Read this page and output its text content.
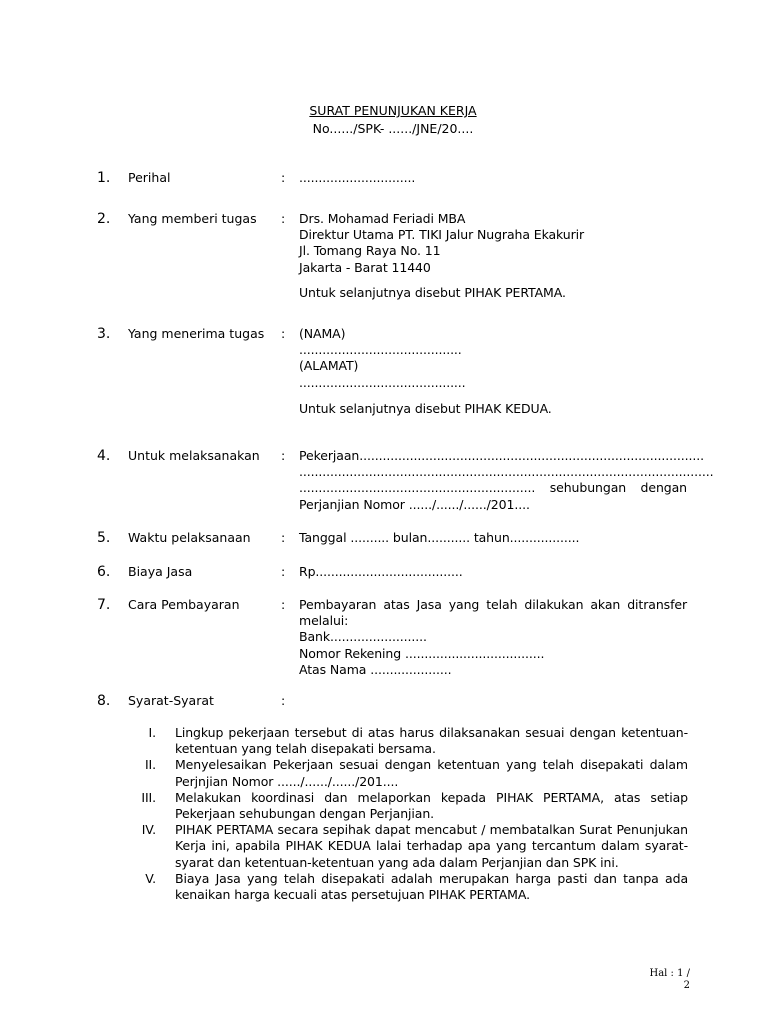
SURAT PENUNJUKAN KERJA
No....../SPK- ....../JNE/20....
1. Perihal	: ..............................
2. Yang memberi tugas : Drs. Mohamad Feriadi MBA
Direktur Utama PT. TIKI Jalur Nugraha Ekakurir
Jl. Tomang Raya No. 11
Jakarta - Barat 11440
Untuk selanjutnya disebut PIHAK PERTAMA.
3. Yang menerima tugas : (NAMA)
..........................................
(ALAMAT)
...........................................
Untuk selanjutnya disebut PIHAK KEDUA.
4. Untuk melaksanakan : Pekerjaan.........................................................................................
...........................................................................................................
............................................................. sehubungan dengan
Perjanjian Nomor ....../....../....../201....
5. Waktu pelaksanaan : Tanggal .......... bulan........... tahun..................
6. Biaya Jasa	: Rp......................................
7. Cara Pembayaran	: Pembayaran atas Jasa yang telah dilakukan akan ditransfer
melalui:
Bank.........................
Nomor Rekening ....................................
Atas Nama .....................
8. Syarat-Syarat	:
I. Lingkup pekerjaan tersebut di atas harus dilaksanakan sesuai dengan ketentuan-ketentuan yang telah disepakati bersama.
II. Menyelesaikan Pekerjaan sesuai dengan ketentuan yang telah disepakati dalam Perjnjian Nomor ....../....../....../201....
III. Melakukan koordinasi dan melaporkan kepada PIHAK PERTAMA, atas setiap Pekerjaan sehubungan dengan Perjanjian.
IV. PIHAK PERTAMA secara sepihak dapat mencabut / membatalkan Surat Penunjukan Kerja ini, apabila PIHAK KEDUA lalai terhadap apa yang tercantum dalam syarat-syarat dan ketentuan-ketentuan yang ada dalam Perjanjian dan SPK ini.
V. Biaya Jasa yang telah disepakati adalah merupakan harga pasti dan tanpa ada kenaikan harga kecuali atas persetujuan PIHAK PERTAMA.
Hal : 1 / 2
